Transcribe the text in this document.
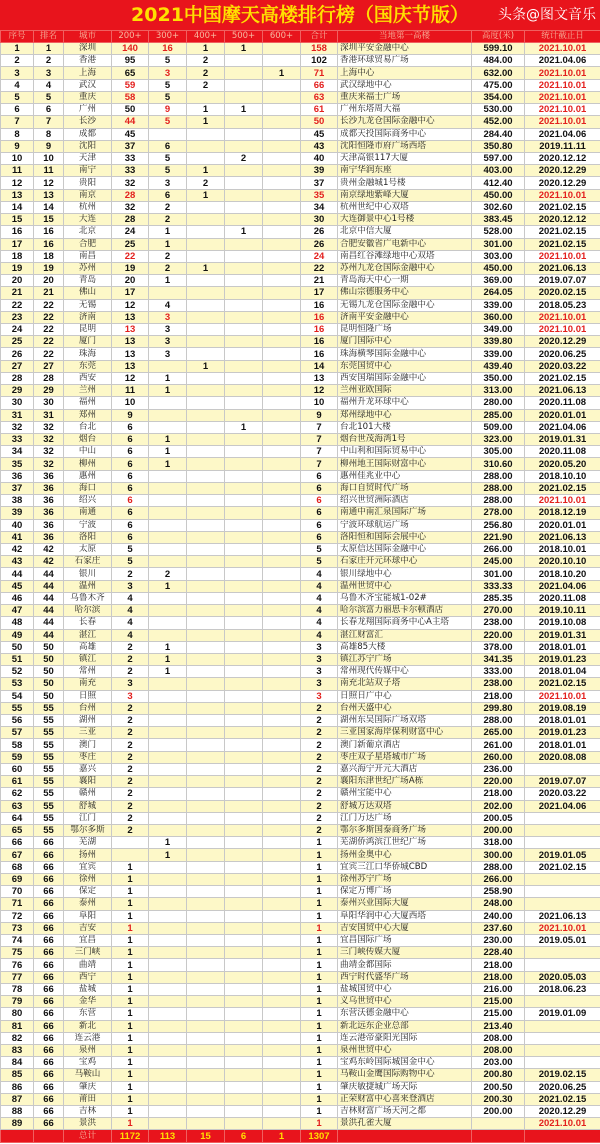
2021中国摩天高楼排行榜（国庆节版）
序号	排名	城市	200+	300+	400+	500+	600+	合计	当地第一高楼	高度(米)	统计截止日
1	1	深圳	140	16	1	1		158	深圳平安金融中心	599.10	2021.10.01
2	2	香港	95	5	2			102	香港环球贸易广场	484.00	2021.04.06
3	3	上海	65	3	2		1	71	上海中心	632.00	2021.10.01
4	4	武汉	59	5	2			66	武汉绿地中心	475.00	2021.10.01
5	5	重庆	58	5				63	重庆来福士广场	354.00	2021.10.01
6	6	广州	50	9	1	1		61	广州东塔周大福	530.00	2021.10.01
7	7	长沙	44	5	1			50	长沙九龙仓国际金融中心	452.00	2021.10.01
8	8	成都	45					45	成都天投国际商务中心	284.40	2021.04.06
9	9	沈阳	37	6				43	沈阳恒隆市府广场西塔	350.80	2019.11.11
10	10	天津	33	5		2		40	天津高银117大厦	597.00	2020.12.12
11	11	南宁	33	5	1			39	南宁华润东座	403.00	2020.12.29
12	12	贵阳	32	3	2			37	贵州金融城1号楼	412.40	2020.12.29
13	13	南京	28	6	1			35	南京绿地紫峰大厦	450.00	2021.10.01
14	14	杭州	32	2				34	杭州世纪中心双塔	302.60	2021.02.15
15	15	大连	28	2				30	大连御景中心1号楼	383.45	2020.12.12
16	16	北京	24	1		1		26	北京中信大厦	528.00	2021.02.15
17	16	合肥	25	1				26	合肥安徽省广电新中心	301.00	2021.02.15
18	18	南昌	22	2				24	南昌红谷滩绿地中心双塔	303.00	2021.10.01
19	19	苏州	19	2	1			22	苏州九龙仓国际金融中心	450.00	2021.06.13
20	20	青岛	20	1				21	青岛海天中心一期	369.00	2019.07.07
21	21	佛山	17					17	佛山宗德服务中心	264.05	2020.02.15
22	22	无锡	12	4				16	无锡九龙仓国际金融中心	339.00	2018.05.23
23	22	济南	13	3				16	济南平安金融中心	360.00	2021.10.01
24	22	昆明	13	3				16	昆明恒隆广场	349.00	2021.10.01
25	22	厦门	13	3				16	厦门国际中心	339.80	2020.12.29
26	22	珠海	13	3				16	珠海横琴国际金融中心	339.00	2020.06.25
27	27	东莞	13		1			14	东莞国贸中心	439.40	2020.03.22
28	28	西安	12	1				13	西安国瑞国际金融中心	350.00	2021.02.15
29	29	兰州	11	1				12	兰州亚欧国际	313.00	2021.06.13
30	30	福州	10					10	福州升龙环球中心	280.00	2020.11.08
31	31	郑州	9					9	郑州绿地中心	285.00	2020.01.01
32	32	台北	6			1		7	台北101大楼	509.00	2021.04.06
33	32	烟台	6	1				7	烟台世茂海湾1号	323.00	2019.01.31
34	32	中山	6	1				7	中山利和国际贸易中心	305.00	2020.11.08
35	32	柳州	6	1				7	柳州地王国际财富中心	310.60	2020.05.20
36	36	惠州	6					6	惠州佳兆业中心	288.00	2018.10.10
37	36	海口	6					6	海口自贸时代广场	288.00	2021.02.15
38	36	绍兴	6					6	绍兴世贸洲际酒店	288.00	2021.10.01
39	36	南通	6					6	南通中南汇泉国际广场	278.00	2018.12.19
40	36	宁波	6					6	宁波环球航运广场	256.80	2020.01.01
41	36	洛阳	6					6	洛阳恒和国际会展中心	221.90	2021.06.13
42	42	太原	5					5	太原信达国际金融中心	266.00	2018.10.01
43	42	石家庄	5					5	石家庄开元环球中心	245.00	2020.10.10
44	44	银川	2	2				4	银川绿地中心	301.00	2018.10.20
45	44	温州	3	1				4	温州世贸中心	333.33	2021.04.06
46	44	乌鲁木齐	4					4	乌鲁木齐宝能城1-02#	285.35	2020.11.08
47	44	哈尔滨	4					4	哈尔滨富力丽思卡尔顿酒店	270.00	2019.10.11
48	44	长春	4					4	长春龙翔国际商务中心A主塔	238.00	2019.10.08
49	44	湛江	4					4	湛江财富汇	220.00	2019.01.31
50	50	高雄	2	1				3	高雄85大楼	378.00	2018.01.01
51	50	镇江	2	1				3	镇江苏宁广场	341.35	2019.01.23
52	50	常州	2	1				3	常州现代传媒中心	333.00	2018.01.04
53	50	南充	3					3	南充北站双子塔	238.00	2021.02.15
54	50	日照	3					3	日照日广中心	218.00	2021.10.01
55	55	台州	2					2	台州天盛中心	299.80	2019.08.19
56	55	湖州	2					2	湖州东吴国际广场双塔	288.00	2018.01.01
57	55	三亚	2					2	三亚国家海岸保利财富中心	265.00	2019.01.23
58	55	澳门	2					2	澳门新葡京酒店	261.00	2018.01.01
59	55	枣庄	2					2	枣庄双子星塔城市广场	260.00	2020.08.08
60	55	嘉兴	2					2	嘉兴海宁开元大酒店	236.00	
61	55	襄阳	2					2	襄阳东津世纪广场A栋	220.00	2019.07.07
62	55	赣州	2					2	赣州宝能中心	218.00	2020.03.22
63	55	舒城	2					2	舒城万达双塔	202.00	2021.04.06
64	55	江门	2					2	江门万达广场	200.05	
65	55	鄂尔多斯	2					2	鄂尔多斯国泰商务广场	200.00	
66	66	芜湖		1				1	芜湖侨鸿滨江世纪广场	318.00	
67	66	扬州		1				1	扬州金奥中心	300.00	2019.01.05
68	66	宜宾	1					1	宜宾三江口华侨城CBD	288.00	2021.02.15
69	66	徐州	1					1	徐州苏宁广场	266.00	
70	66	保定	1					1	保定万博广场	258.90	
71	66	泰州	1					1	泰州兴业国际大厦	248.00	
72	66	阜阳	1					1	阜阳华润中心大厦西塔	240.00	2021.06.13
73	66	吉安	1					1	吉安国贸中心大厦	237.60	2021.10.01
74	66	宜昌	1					1	宜昌国际广场	230.00	2019.05.01
75	66	三门峡	1					1	三门峡传媒大厦	228.40	
76	66	曲靖	1					1	曲靖金都国际	218.00	
77	66	西宁	1					1	西宁时代盛华广场	218.00	2020.05.03
78	66	盐城	1					1	盐城国贸中心	216.00	2018.06.23
79	66	金华	1					1	义乌世贸中心	215.00	
80	66	东营	1					1	东营沃德金融中心	215.00	2019.01.09
81	66	新北	1					1	新北远东企业总部	213.40	
82	66	连云港	1					1	连云港帝豪阳光国际	208.00	
83	66	泉州	1					1	泉州世贸中心	208.00	
84	66	宝鸡	1					1	宝鸡东岭国际城国金中心	203.00	
85	66	马鞍山	1					1	马鞍山金鹰国际购物中心	200.80	2019.02.15
86	66	肇庆	1					1	肇庆敏捷城广场天际	200.50	2020.06.25
87	66	莆田	1					1	正荣财富中心喜来登酒店	200.30	2021.02.15
88	66	吉林	1					1	吉林财富广场天河之都	200.00	2020.12.29
89	66	景洪	1					1	景洪孔雀大厦		2021.10.01
		总计	1172	113	15	6	1	1307			
头条@图文音乐
